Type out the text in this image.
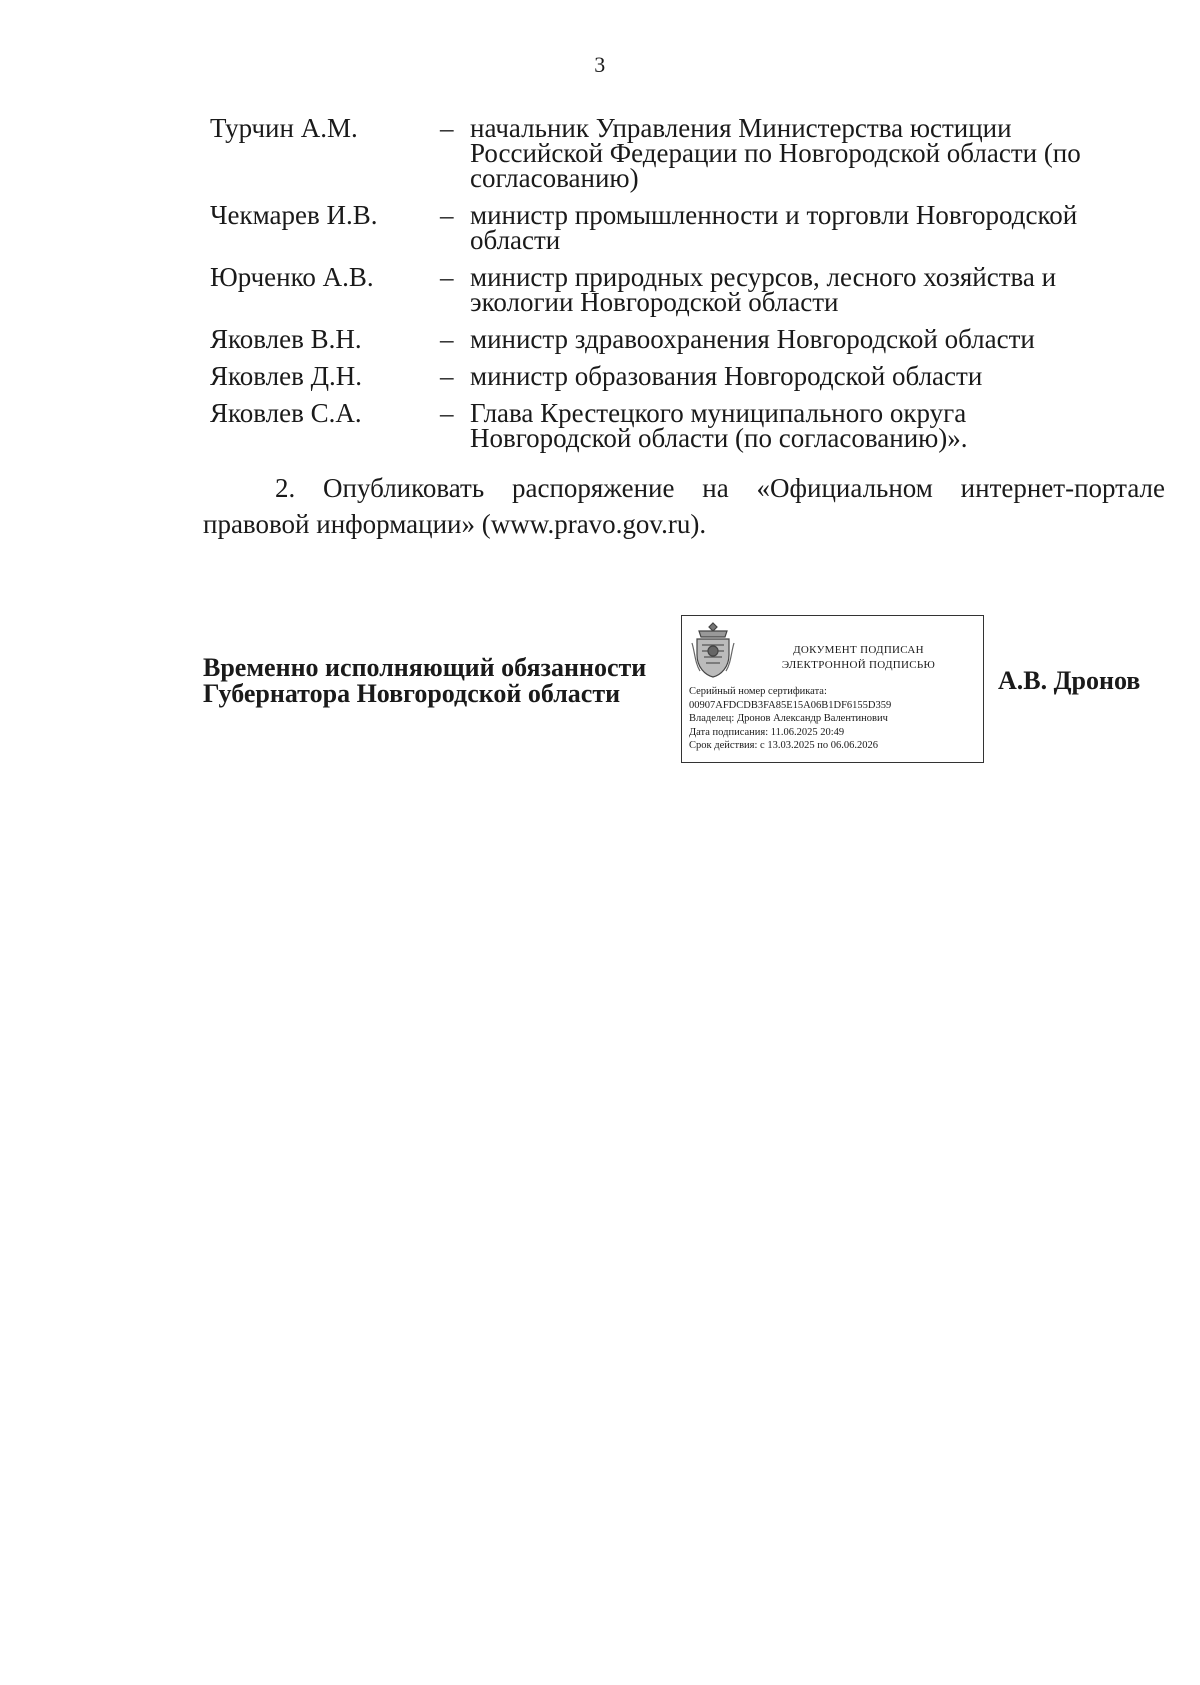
3
Турчин А.М.	– начальник Управления Министерства юстиции Российской Федерации по Новгородской области (по согласованию)
Чекмарев И.В.	– министр промышленности и торговли Новгородской области
Юрченко А.В.	– министр природных ресурсов, лесного хозяйства и экологии Новгородской области
Яковлев В.Н.	– министр здравоохранения Новгородской области
Яковлев Д.Н.	– министр образования Новгородской области
Яковлев С.А.	– Глава Крестецкого муниципального округа Новгородской области (по согласованию)».
2. Опубликовать распоряжение на «Официальном интернет-портале правовой информации» (www.pravo.gov.ru).
Временно исполняющий обязанности
Губернатора Новгородской области
ДОКУМЕНТ ПОДПИСАН
ЭЛЕКТРОННОЙ ПОДПИСЬЮ
Серийный номер сертификата:
00907AFDCDB3FA85E15A06B1DF6155D359
Владелец: Дронов Александр Валентинович
Дата подписания: 11.06.2025 20:49
Срок действия: с 13.03.2025 по 06.06.2026
А.В. Дронов
